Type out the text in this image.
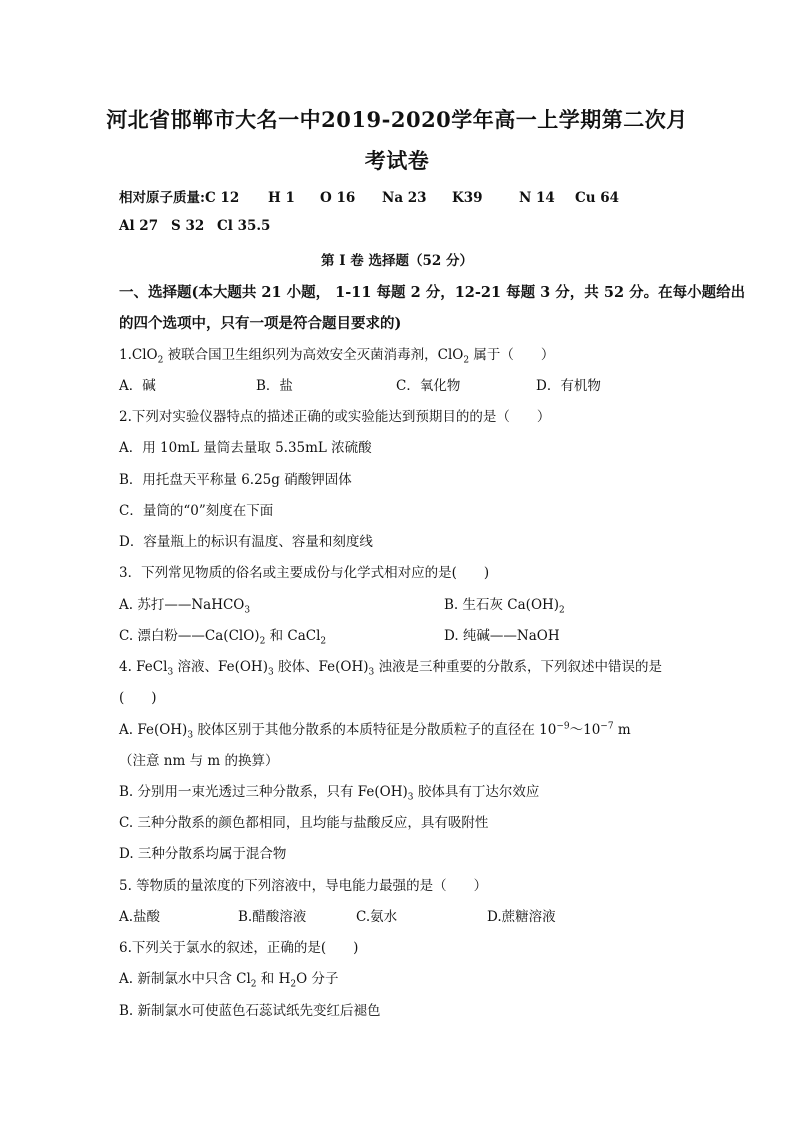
河北省邯郸市大名一中2019-2020学年高一上学期第二次月
考试卷
相对原子质量:C 12 H 1 O 16 Na 23 K39	N 14 Cu 64
Al 27 S 32 Cl 35.5
第 I 卷 选择题（52 分）
一、选择题(本大题共 21 小题， 1-11 每题 2 分，12-21 每题 3 分，共 52 分。在每小题给出
的四个选项中，只有一项是符合题目要求的)
1.ClO$_2$ 被联合国卫生组织列为高效安全灭菌消毒剂，ClO$_2$ 属于（　　）
A．碱	B．盐	C．氧化物	D．有机物
2.下列对实验仪器特点的描述正确的或实验能达到预期目的的是（　　）
A．用 10mL 量筒去量取 5.35mL 浓硫酸
B．用托盘天平称量 6.25g 硝酸钾固体
C．量筒的“0”刻度在下面
D．容量瓶上的标识有温度、容量和刻度线
3．下列常见物质的俗名或主要成份与化学式相对应的是(　　)
A. 苏打——NaHCO$_3$	B. 生石灰 $Ca(OH)_2$
C. 漂白粉$——Ca(ClO)_2$ 和 CaCl$_2$	D. 纯碱——NaOH
4. FeCl$_3$ 溶液、$Fe(OH)_3$ 胶体、$Fe(OH)_3$ 浊液是三种重要的分散系，下列叙述中错误的是
(　　)
A. $Fe(OH)_3$ 胶体区别于其他分散系的本质特征是分散质粒子的直径在 $10^{-9}\sim 10^{-7}$ m
（注意 nm 与 m 的换算）
B. 分别用一束光透过三种分散系，只有 $Fe(OH)_3$ 胶体具有丁达尔效应
C. 三种分散系的颜色都相同，且均能与盐酸反应，具有吸附性
D. 三种分散系均属于混合物
5. 等物质的量浓度的下列溶液中，导电能力最强的是（　　）
A.盐酸	B.醋酸溶液	C.氨水	D.蔗糖溶液
6.下列关于氯水的叙述，正确的是(　　)
A. 新制氯水中只含 $Cl_2$ 和 $H_2O$ 分子
B. 新制氯水可使蓝色石蕊试纸先变红后褪色
